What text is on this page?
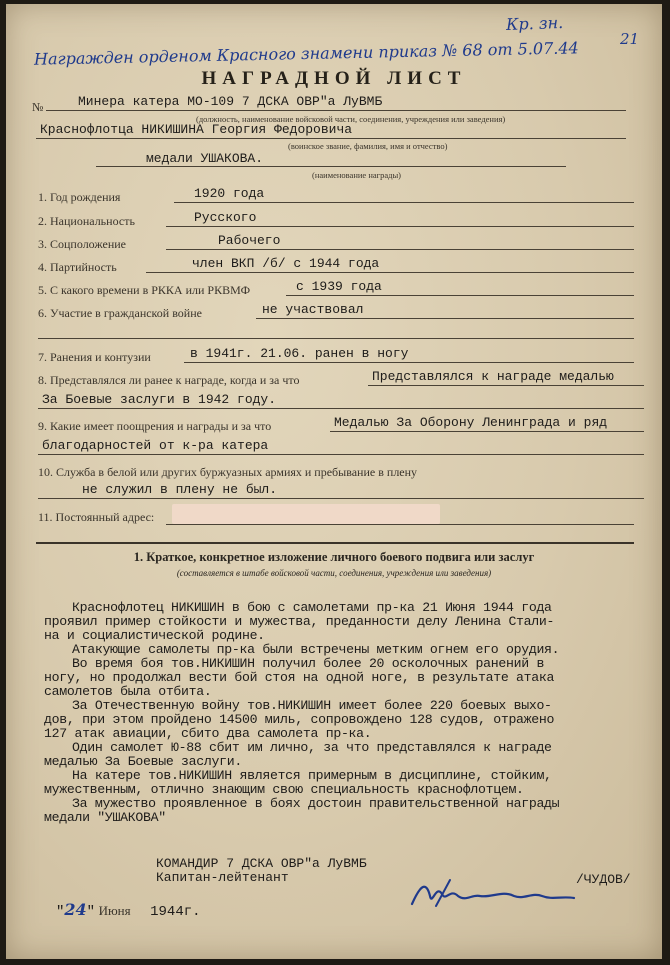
Награжден орденом Красного знамени приказ № 68 от 5.07.44
Кр. зн.
21
НАГРАДНОЙ ЛИСТ
№	Минера катера МО-109 7 ДСКА ОВР"а ЛуВМБ
(должность, наименование войсковой части, соединения, учреждения или заведения)
Краснофлотца НИКИШИНА Георгия Федоровича
(воинское звание, фамилия, имя и отчество)
медали УШАКОВА.
(наименование награды)
1. Год рождения	1920 года
2. Национальность	Русского
3. Соцположение	Рабочего
4. Партийность	член ВКП /б/ с 1944 года
5. С какого времени в РККА или РКВМФ	с 1939 года
6. Участие в гражданской войне	не участвовал
7. Ранения и контузии	в 1941г. 21.06. ранен в ногу
8. Представлялся ли ранее к награде, когда и за что	Представлялся к награде медалью
За Боевые заслуги в 1942 году.
9. Какие имеет поощрения и награды и за что	Медалью За Оборону Ленинграда и ряд
благодарностей от к-ра катера
10. Служба в белой или других буржуазных армиях и пребывание в плену
не служил в плену не был.
11. Постоянный адрес:
1. Краткое, конкретное изложение личного боевого подвига или заслуг
(составляется в штабе войсковой части, соединения, учреждения или заведения)
Краснофлотец НИКИШИН в бою с самолетами пр-ка 21 Июня 1944 года
проявил пример стойкости и мужества, преданности делу Ленина Стали-
на и социалистической родине.
Атакующие самолеты пр-ка были встречены метким огнем его орудия.
Во время боя тов.НИКИШИН получил более 20 осколочных ранений в
ногу, но продолжал вести бой стоя на одной ноге, в результате атака
самолетов была отбита.
За Отечественную войну тов.НИКИШИН имеет более 220 боевых выхо-
дов, при этом пройдено 14500 миль, сопровождено 128 судов, отражено
127 атак авиации, сбито два самолета пр-ка.
Один самолет Ю-88 сбит им лично, за что представлялся к награде
медалью За Боевые заслуги.
На катере тов.НИКИШИН является примерным в дисциплине, стойким,
мужественным, отлично знающим свою специальность краснофлотцем.
За мужество проявленное в боях достоин правительственной награды
медали "УШАКОВА"
КОМАНДИР 7 ДСКА ОВР"а ЛуВМБ
Капитан-лейтенант	/ЧУДОВ/
"24" Июня 1944г.
